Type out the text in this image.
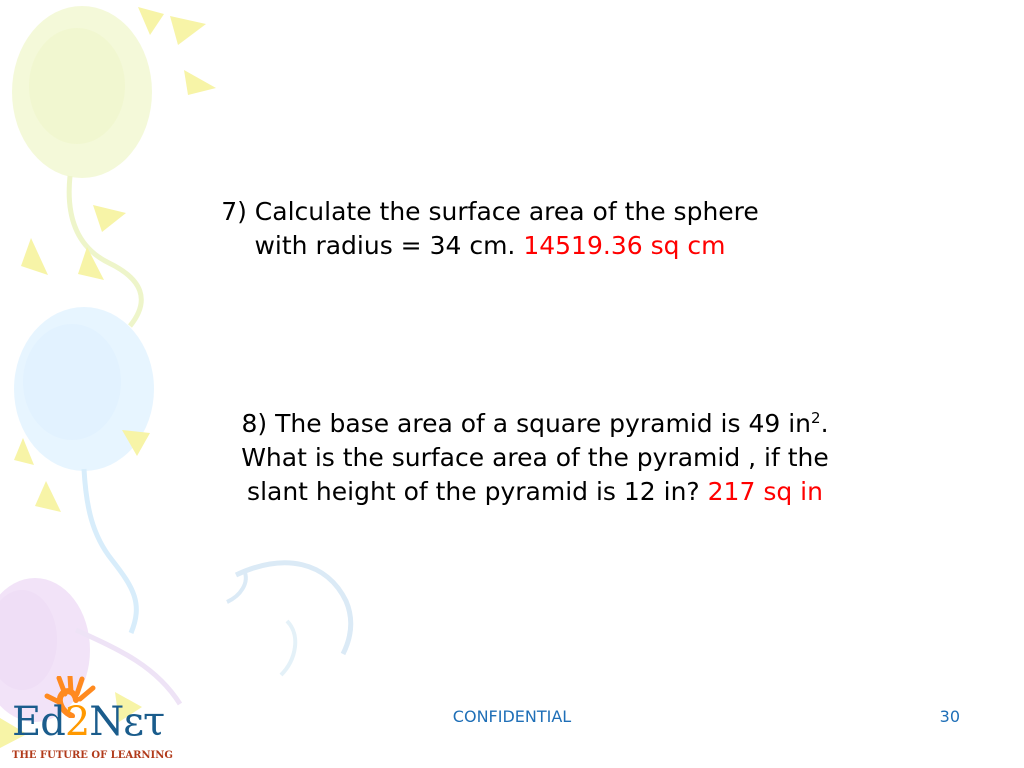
7) Calculate the surface area of the sphere
with radius = 34 cm. 14519.36 sq cm
8) The base area of a square pyramid is 49 $in^2$.
What is the surface area of the pyramid , if the
slant height of the pyramid is 12 in? 217 sq in
Ed2Nετ
THE FUTURE OF LEARNING
CONFIDENTIAL	30
